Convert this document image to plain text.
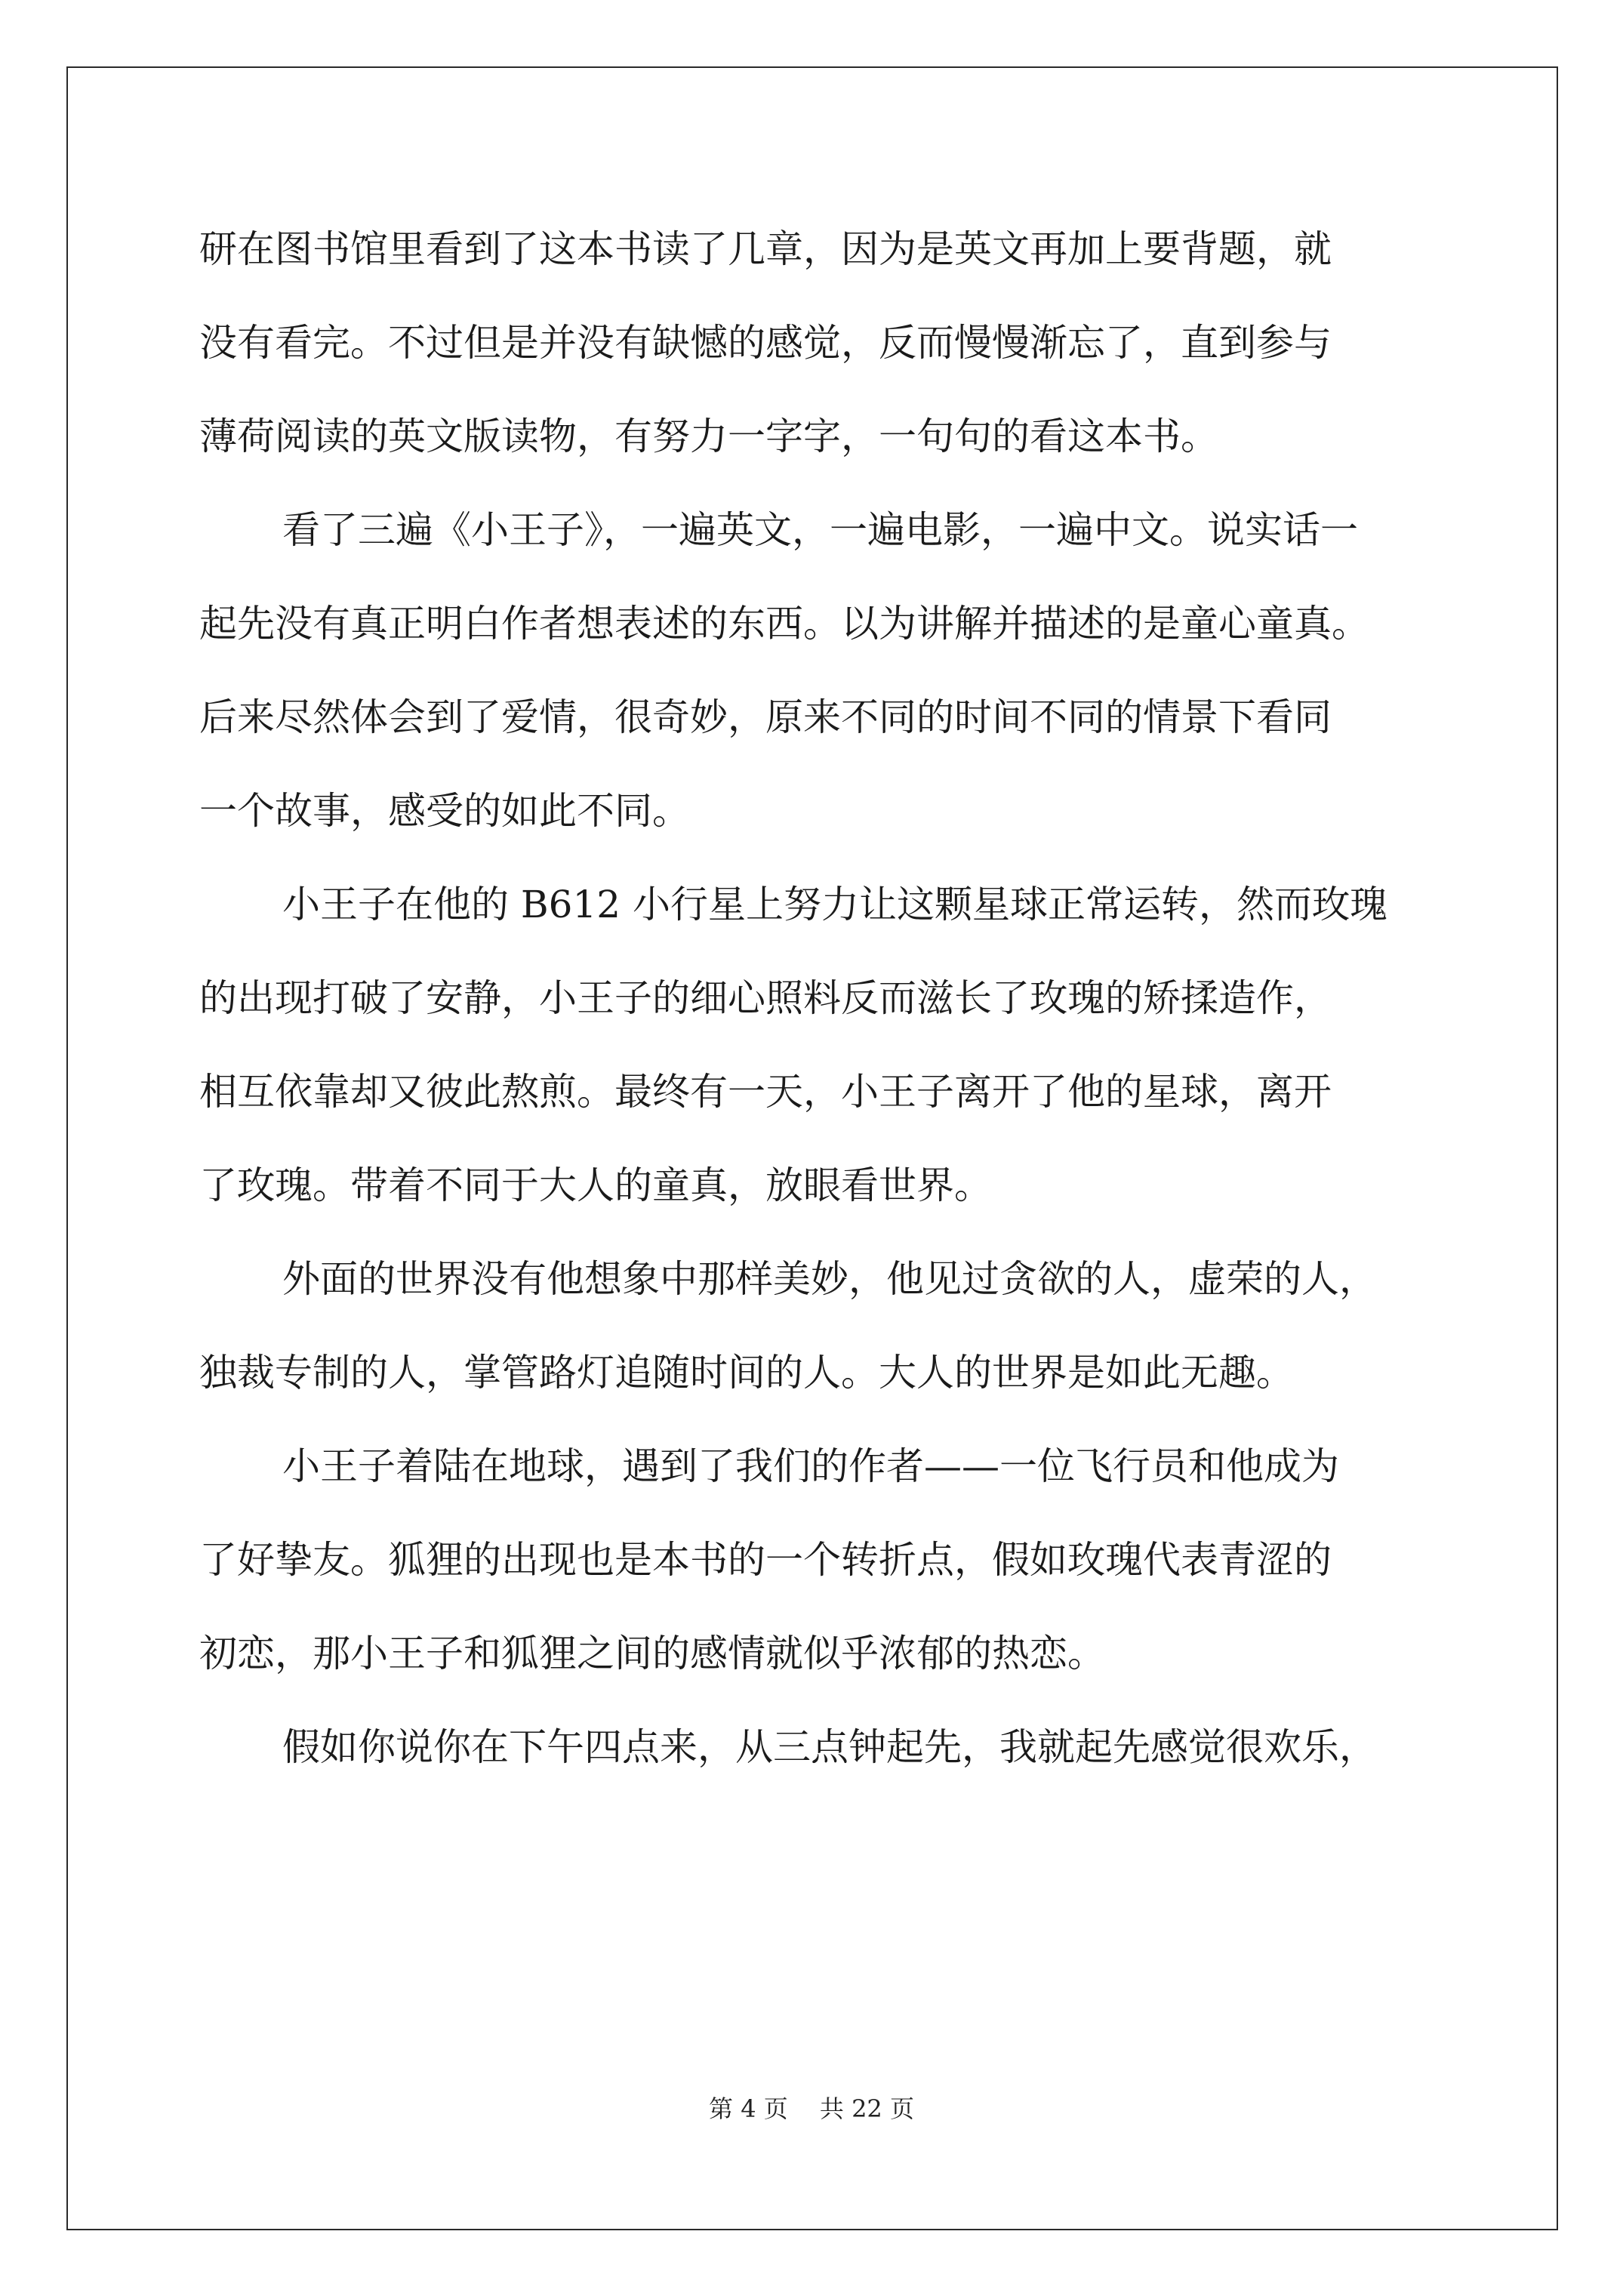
研在图书馆里看到了这本书读了几章，因为是英文再加上要背题，就
没有看完。不过但是并没有缺憾的感觉，反而慢慢渐忘了，直到参与
薄荷阅读的英文版读物，有努力一字字，一句句的看这本书。
看了三遍《小王子》，一遍英文，一遍电影，一遍中文。说实话一
起先没有真正明白作者想表述的东西。以为讲解并描述的是童心童真。
后来尽然体会到了爱情，很奇妙，原来不同的时间不同的情景下看同
一个故事，感受的如此不同。
小王子在他的 B612 小行星上努力让这颗星球正常运转，然而玫瑰
的出现打破了安静，小王子的细心照料反而滋长了玫瑰的矫揉造作，
相互依靠却又彼此熬煎。最终有一天，小王子离开了他的星球，离开
了玫瑰。带着不同于大人的童真，放眼看世界。
外面的世界没有他想象中那样美妙，他见过贪欲的人，虚荣的人，
独裁专制的人，掌管路灯追随时间的人。大人的世界是如此无趣。
小王子着陆在地球，遇到了我们的作者——一位飞行员和他成为
了好挚友。狐狸的出现也是本书的一个转折点，假如玫瑰代表青涩的
初恋，那小王子和狐狸之间的感情就似乎浓郁的热恋。
假如你说你在下午四点来，从三点钟起先，我就起先感觉很欢乐，
第 4 页　 共 22 页
